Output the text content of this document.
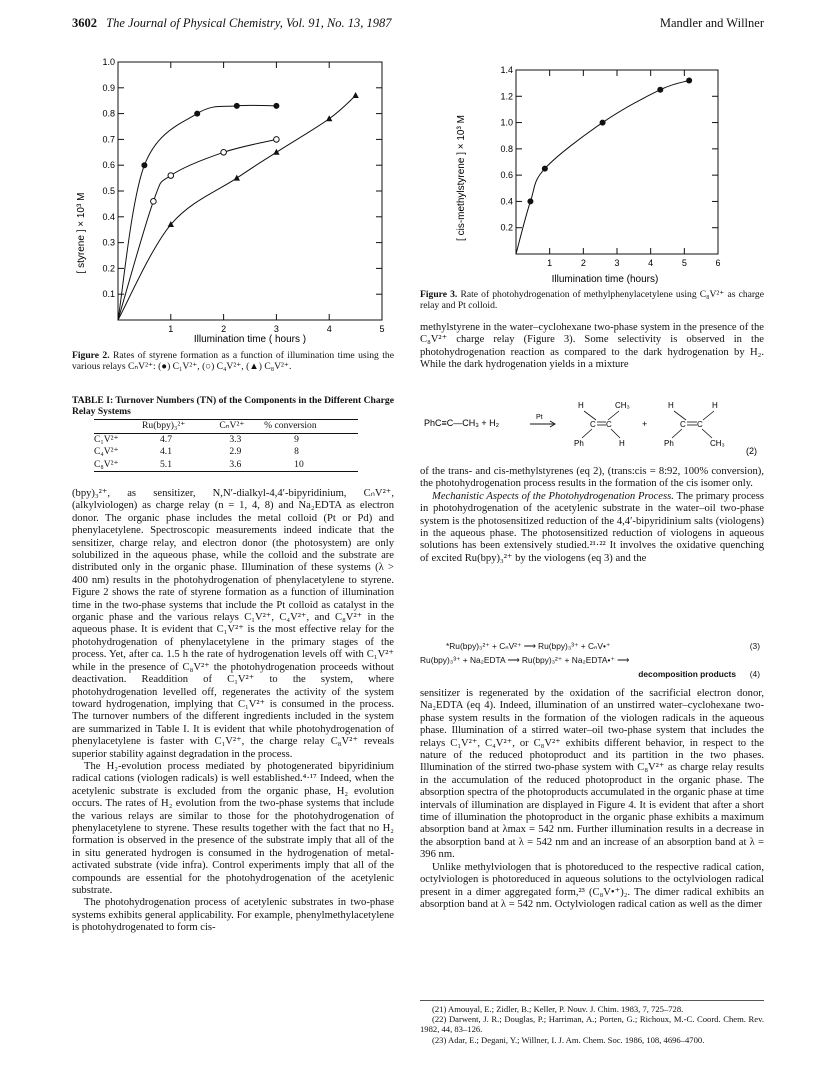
3602 The Journal of Physical Chemistry, Vol. 91, No. 13, 1987	Mandler and Willner
[ styrene ] × 10³ M
Illumination time ( hours )
1	2	3	4	5
0.1
0.2
0.3
0.4
0.5
0.6
0.7
0.8
0.9
1.0
Figure 2. Rates of styrene formation as a function of illumination time using the various relays CₙV²⁺: (●) C₁V²⁺, (○) C₄V²⁺, (▲) C₈V²⁺.
TABLE I: Turnover Numbers (TN) of the Components in the Different Charge Relay Systems
	Ru(bpy)₃²⁺	CₙV²⁺	% conversion
C₁V²⁺	4.7	3.3	9
C₄V²⁺	4.1	2.9	8
C₈V²⁺	5.1	3.6	10

(bpy)₃²⁺, as sensitizer, N,N′-dialkyl-4,4′-bipyridinium, CₙV²⁺, (alkylviologen) as charge relay (n = 1, 4, 8) and Na₂EDTA as electron donor. The organic phase includes the metal colloid (Pt or Pd) and phenylacetylene. Spectroscopic measurements indeed indicate that the sensitizer, charge relay, and electron donor (the photosystem) are only solubilized in the aqueous phase, while the colloid and the substrate are distributed only in the organic phase. Illumination of these systems (λ > 400 nm) results in the photohydrogenation of phenylacetylene to styrene. Figure 2 shows the rate of styrene formation as a function of illumination time in the two-phase systems that include the Pt colloid as catalyst in the organic phase and the various relays C₁V²⁺, C₄V²⁺, and C₈V²⁺ in the aqueous phase. It is evident that C₁V²⁺ is the most effective relay for the photohydrogenation of phenylacetylene in the primary stages of the process. Yet, after ca. 1.5 h the rate of hydrogenation levels off with C₁V²⁺ while in the presence of C₈V²⁺ the photohydrogenation proceeds without deactivation. Readdition of C₁V²⁺ to the system, where photohydrogenation levelled off, regenerates the activity of the system toward hydrogenation, implying that C₁V²⁺ is consumed in the process. The turnover numbers of the different ingredients included in the system are summarized in Table I. It is evident that while photohydrogenation of phenylacetylene is faster with C₁V²⁺, the charge relay C₈V²⁺ reveals superior stability against degradation in the process.

The H₂-evolution process mediated by photogenerated bipyridinium radical cations (viologen radicals) is well established.⁴·¹⁷ Indeed, when the acetylenic substrate is excluded from the organic phase, H₂ evolution occurs. The rates of H₂ evolution from the two-phase systems that include the various relays are similar to those for the photohydrogenation of phenylacetylene to styrene. These results together with the fact that no H₂ formation is observed in the presence of the substrate imply that all of the in situ generated hydrogen is consumed in the hydrogenation of metal-activated substrate (vide infra). Control experiments imply that all of the compounds are essential for the photohydrogenation of the acetylenic substrate.

The photohydrogenation process of acetylenic substrates in two-phase systems exhibits general applicability. For example, phenylmethylacetylene is photohydrogenated to form cis-

[ cis-methylstyrene ] × 10³ M
Illumination time (hours)
1	2	3	4	5	6
0.2
0.4
0.6
0.8
1.0
1.2
1.4
Figure 3. Rate of photohydrogenation of methylphenylacetylene using C₈V²⁺ as charge relay and Pt colloid.

methylstyrene in the water–cyclohexane two-phase system in the presence of the C₈V²⁺ charge relay (Figure 3). Some selectivity is observed in the photohydrogenation reaction as compared to the dark hydrogenation by H₂. While the dark hydrogenation yields in a mixture

PhC≡C—CH₃ + H₂
Pt
H	CH₃
C C
Ph	H
+
H	H
C C
Ph	CH₃
(2)

of the trans- and cis-methylstyrenes (eq 2), (trans:cis = 8:92, 100% conversion), the photohydrogenation process results in the formation of the cis isomer only.

Mechanistic Aspects of the Photohydrogenation Process. The primary process in photohydrogenation of the acetylenic substrate in the water–oil two-phase system is the photosensitized reduction of the 4,4′-bipyridinium salts (viologens) in the aqueous phase. The photosensitized reduction of viologens in aqueous solutions has been extensively studied.²¹·²² It involves the oxidative quenching of excited Ru(bpy)₃²⁺ by the viologens (eq 3) and the

*Ru(bpy)₃²⁺ + CₙV²⁺ ⟶ Ru(bpy)₃³⁺ + CₙV•⁺	(3)
Ru(bpy)₃³⁺ + Na₂EDTA ⟶ Ru(bpy)₃²⁺ + Na₂EDTA•⁺ ⟶
decomposition products (4)

sensitizer is regenerated by the oxidation of the sacrificial electron donor, Na₂EDTA (eq 4). Indeed, illumination of an unstirred water–cyclohexane two-phase system results in the formation of the viologen radicals in the aqueous phase. Illumination of a stirred water–oil two-phase system that includes the relays C₁V²⁺, C₄V²⁺, or C₈V²⁺ exhibits different behavior, in respect to the nature of the reduced photoproduct and its partition in the two phases. Illumination of the stirred two-phase system with C₈V²⁺ as charge relay results in the accumulation of the reduced photoproduct in the organic phase. The absorption spectra of the photoproducts accumulated in the organic phase at time intervals of illumination are displayed in Figure 4. It is evident that after a short time of illumination the photoproduct in the organic phase exhibits a maximum absorption band at λmax = 542 nm. Further illumination results in a decrease in the absorption band at λ = 542 nm and an increase of an absorption band at λ = 396 nm.

Unlike methylviologen that is photoreduced to the respective radical cation, octylviologen is photoreduced in aqueous solutions to the octylviologen radical present in a dimer aggregated form,²³ (C₈V•⁺)₂. The dimer radical exhibits an absorption band at λ = 542 nm. Octylviologen radical cation as well as the dimer

(21) Amouyal, E.; Zidler, B.; Keller, P. Nouv. J. Chim. 1983, 7, 725–728.
(22) Darwent, J. R.; Douglas, P.; Harriman, A.; Porten, G.; Richoux, M.-C. Coord. Chem. Rev. 1982, 44, 83–126.
(23) Adar, E.; Degani, Y.; Willner, I. J. Am. Chem. Soc. 1986, 108, 4696–4700.
